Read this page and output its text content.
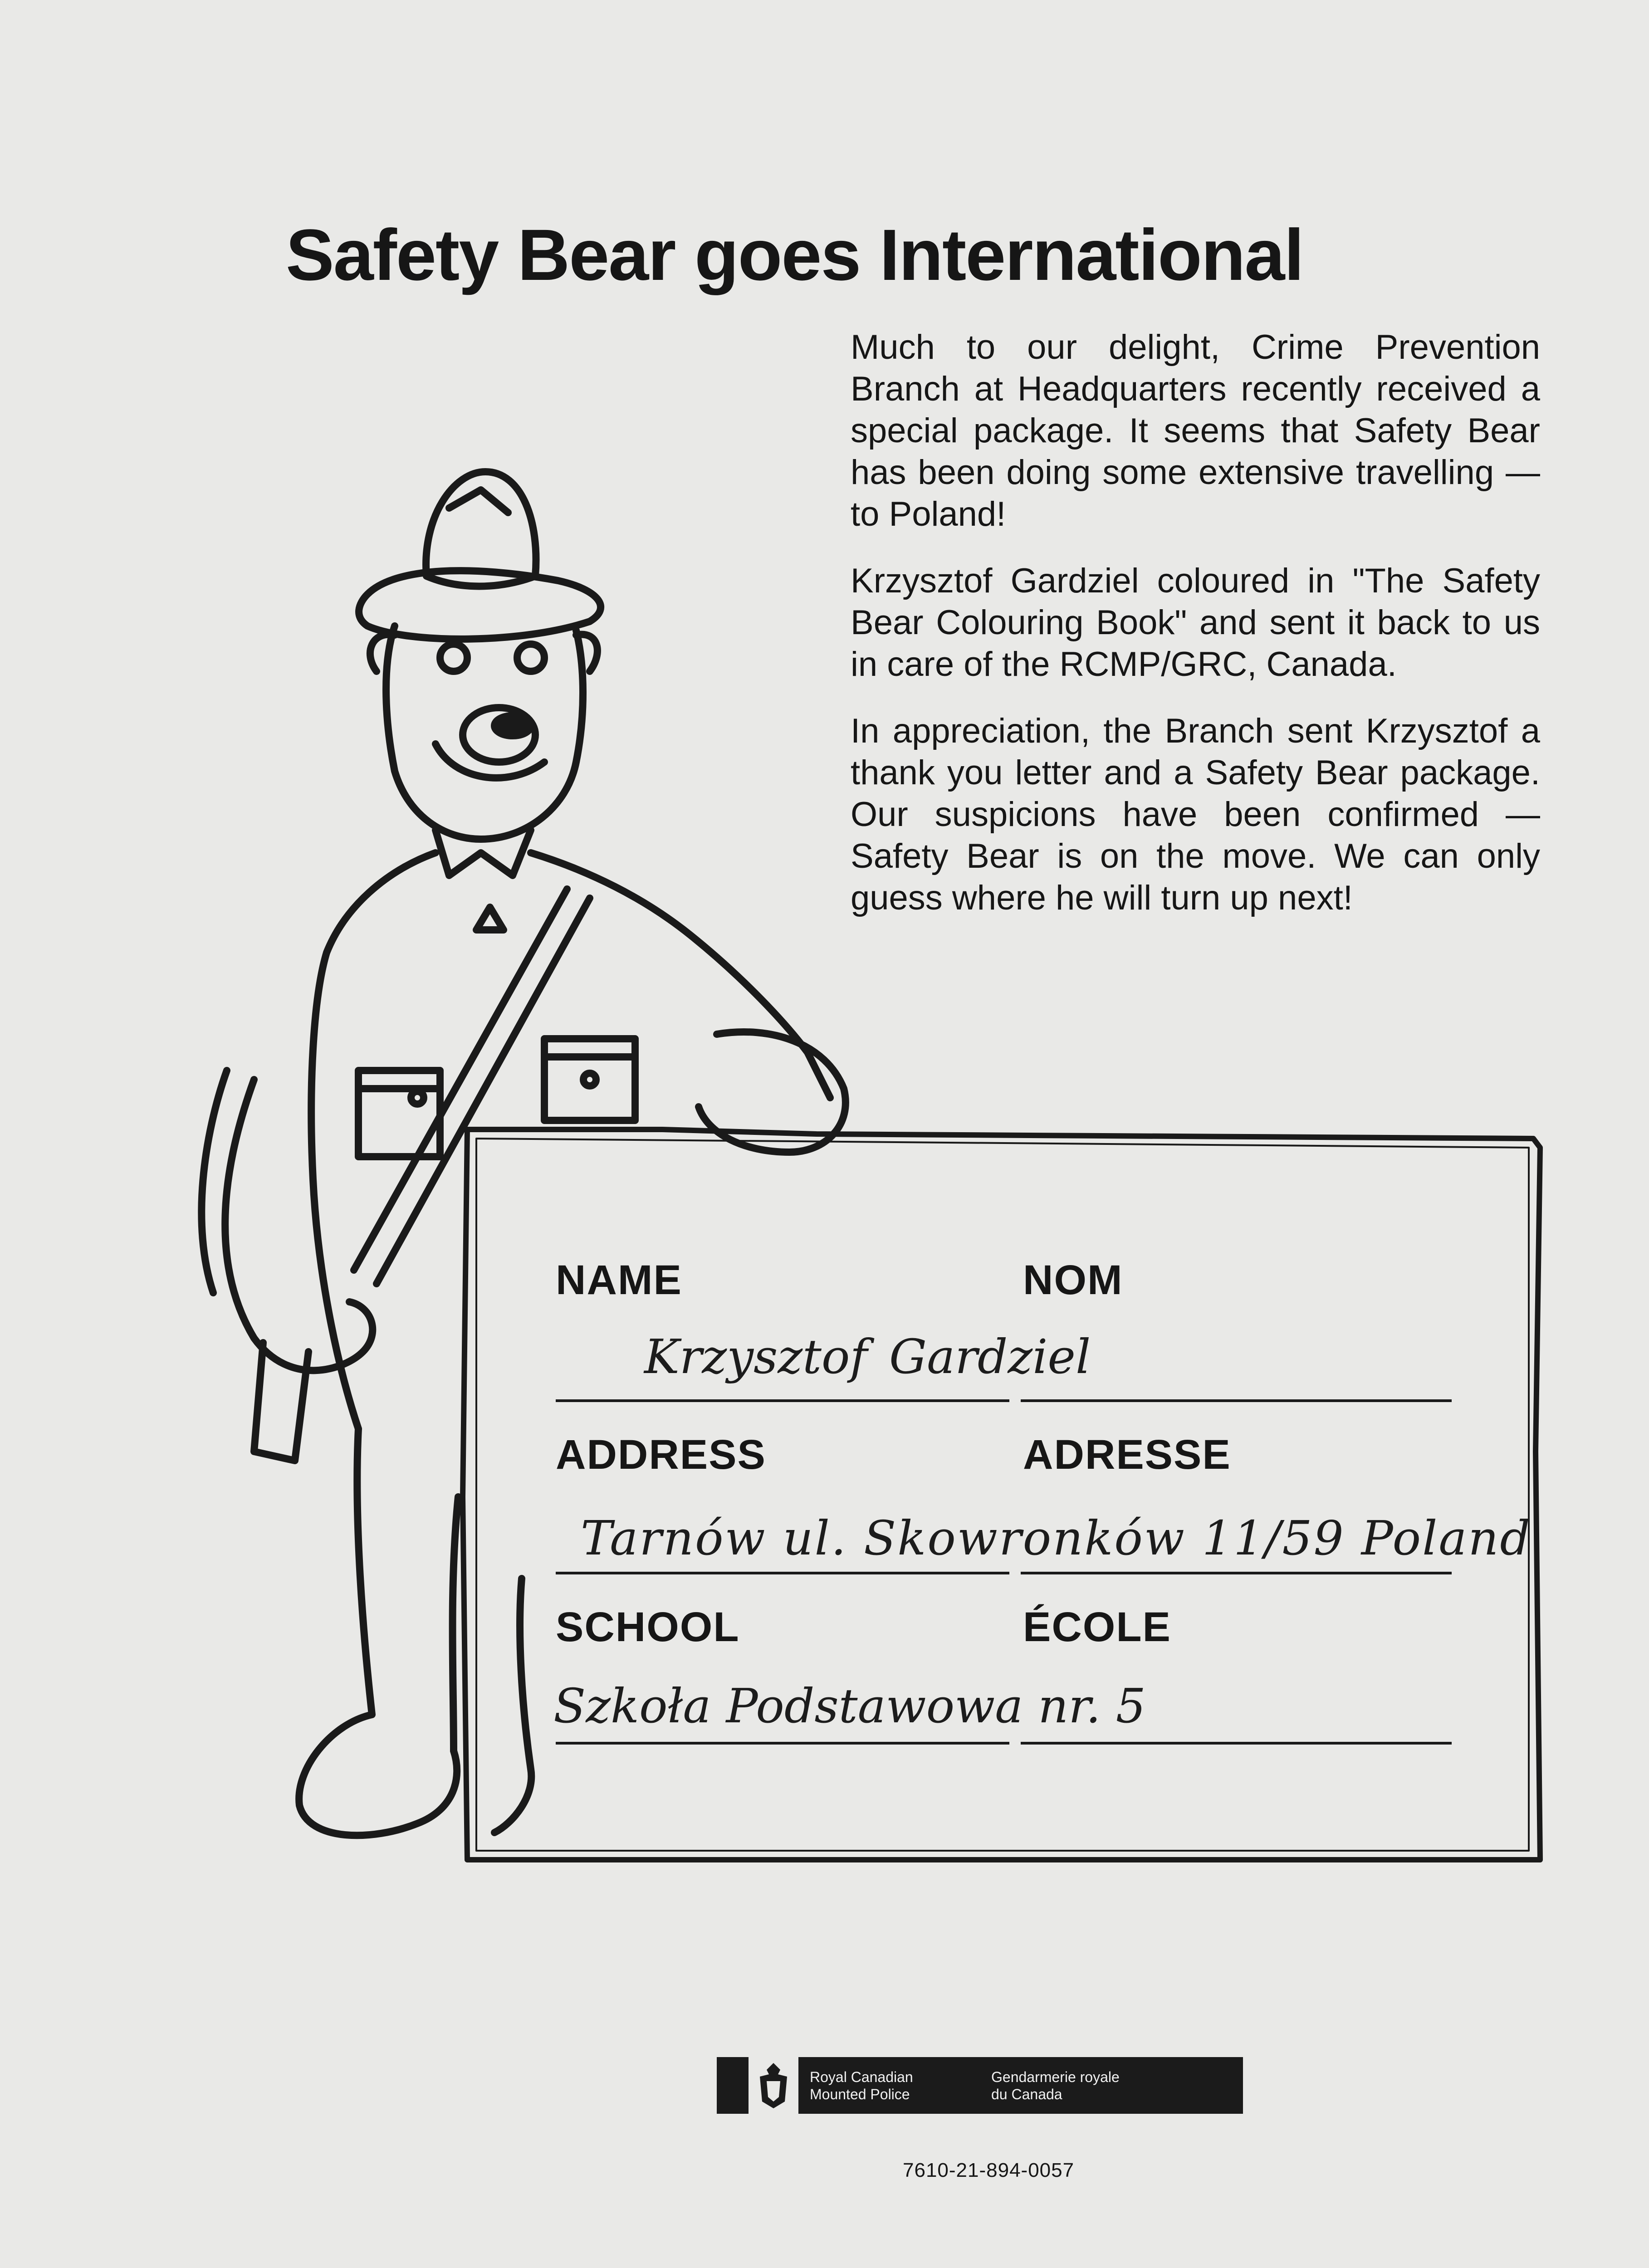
Safety Bear goes International

Much to our delight, Crime Prevention Branch at Headquarters recently received a special package. It seems that Safety Bear has been doing some extensive travelling — to Poland!

Krzysztof Gardziel coloured in "The Safety Bear Colouring Book" and sent it back to us in care of the RCMP/GRC, Canada.

In appreciation, the Branch sent Krzysztof a thank you letter and a Safety Bear package. Our suspicions have been confirmed — Safety Bear is on the move. We can only guess where he will turn up next!

NAME	NOM
Krzysztof Gardziel
ADDRESS	ADRESSE
Tarnów ul. Skowronków 11/59 Poland
SCHOOL	ÉCOLE
Szkoła Podstawowa nr. 5
Royal Canadian
Mounted Police
Gendarmerie royale
du Canada
7610-21-894-0057
